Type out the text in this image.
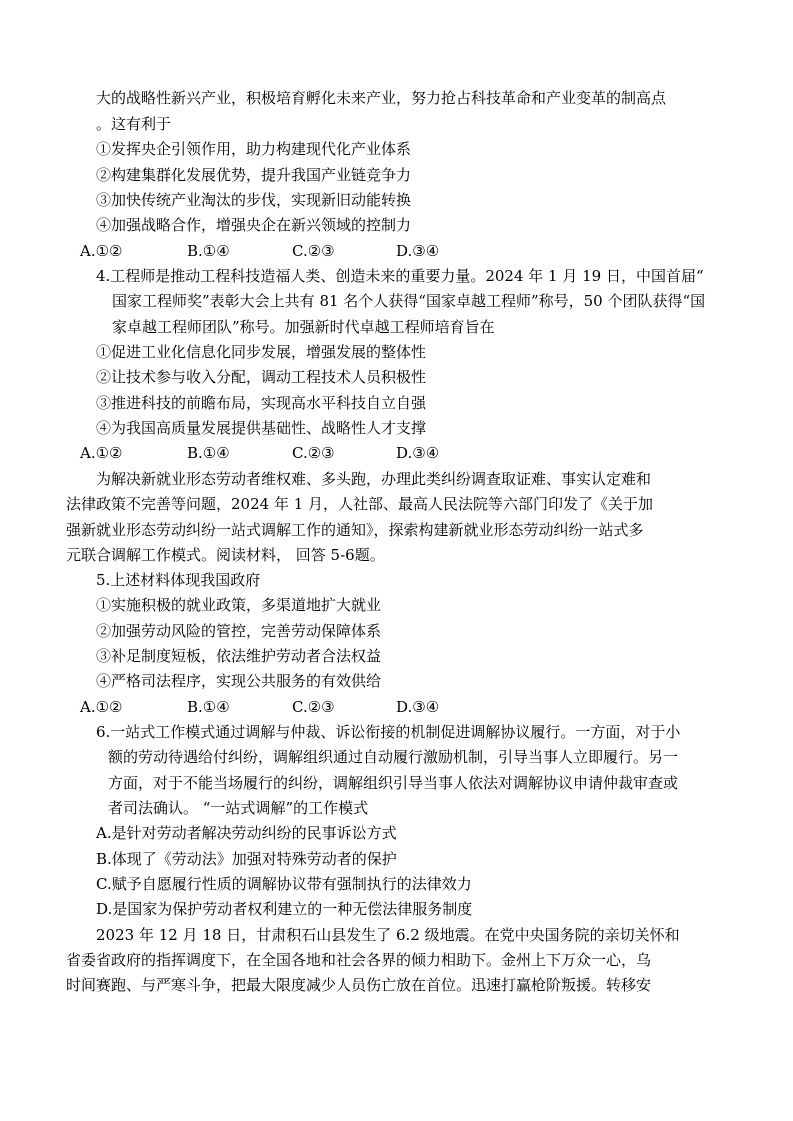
大的战略性新兴产业，积极培育孵化未来产业，努力抢占科技革命和产业变革的制高点
。这有利于
①发挥央企引领作用，助力构建现代化产业体系
②构建集群化发展优势，提升我国产业链竞争力
③加快传统产业淘汰的步伐，实现新旧动能转换
④加强战略合作，增强央企在新兴领域的控制力
A.①②	B.①④	C.②③	D.③④
4.工程师是推动工程科技造福人类、创造未来的重要力量。2024 年 1 月 19 日，中国首届“
国家工程师奖”表彰大会上共有 81 名个人获得“国家卓越工程师”称号，50 个团队获得“国
家卓越工程师团队”称号。加强新时代卓越工程师培育旨在
①促进工业化信息化同步发展，增强发展的整体性
②让技术参与收入分配，调动工程技术人员积极性
③推进科技的前瞻布局，实现高水平科技自立自强
④为我国高质量发展提供基础性、战略性人才支撑
A.①②	B.①④	C.②③	D.③④
为解决新就业形态劳动者维权难、多头跑，办理此类纠纷调查取证难、事实认定难和
法律政策不完善等问题，2024 年 1 月，人社部、最高人民法院等六部门印发了《关于加
强新就业形态劳动纠纷一站式调解工作的通知》，探索构建新就业形态劳动纠纷一站式多
元联合调解工作模式。阅读材料， 回答 5-6题。
5.上述材料体现我国政府
①实施积极的就业政策，多渠道地扩大就业
②加强劳动风险的管控，完善劳动保障体系
③补足制度短板，依法维护劳动者合法权益
④严格司法程序，实现公共服务的有效供给
A.①②	B.①④	C.②③	D.③④
6.一站式工作模式通过调解与仲裁、诉讼衔接的机制促进调解协议履行。一方面，对于小
额的劳动待遇给付纠纷，调解组织通过自动履行激励机制，引导当事人立即履行。另一
方面，对于不能当场履行的纠纷，调解组织引导当事人依法对调解协议申请仲裁审查或
者司法确认。 “一站式调解”的工作模式
A.是针对劳动者解决劳动纠纷的民事诉讼方式
B.体现了《劳动法》加强对特殊劳动者的保护
C.赋予自愿履行性质的调解协议带有强制执行的法律效力
D.是国家为保护劳动者权利建立的一种无偿法律服务制度
2023 年 12 月 18 日，甘肃积石山县发生了 6.2 级地震。在党中央国务院的亲切关怀和
省委省政府的指挥调度下，在全国各地和社会各界的倾力相助下。金州上下万众一心，乌
时间赛跑、与严寒斗争，把最大限度减少人员伤亡放在首位。迅速打赢枪阶叛援。转移安
